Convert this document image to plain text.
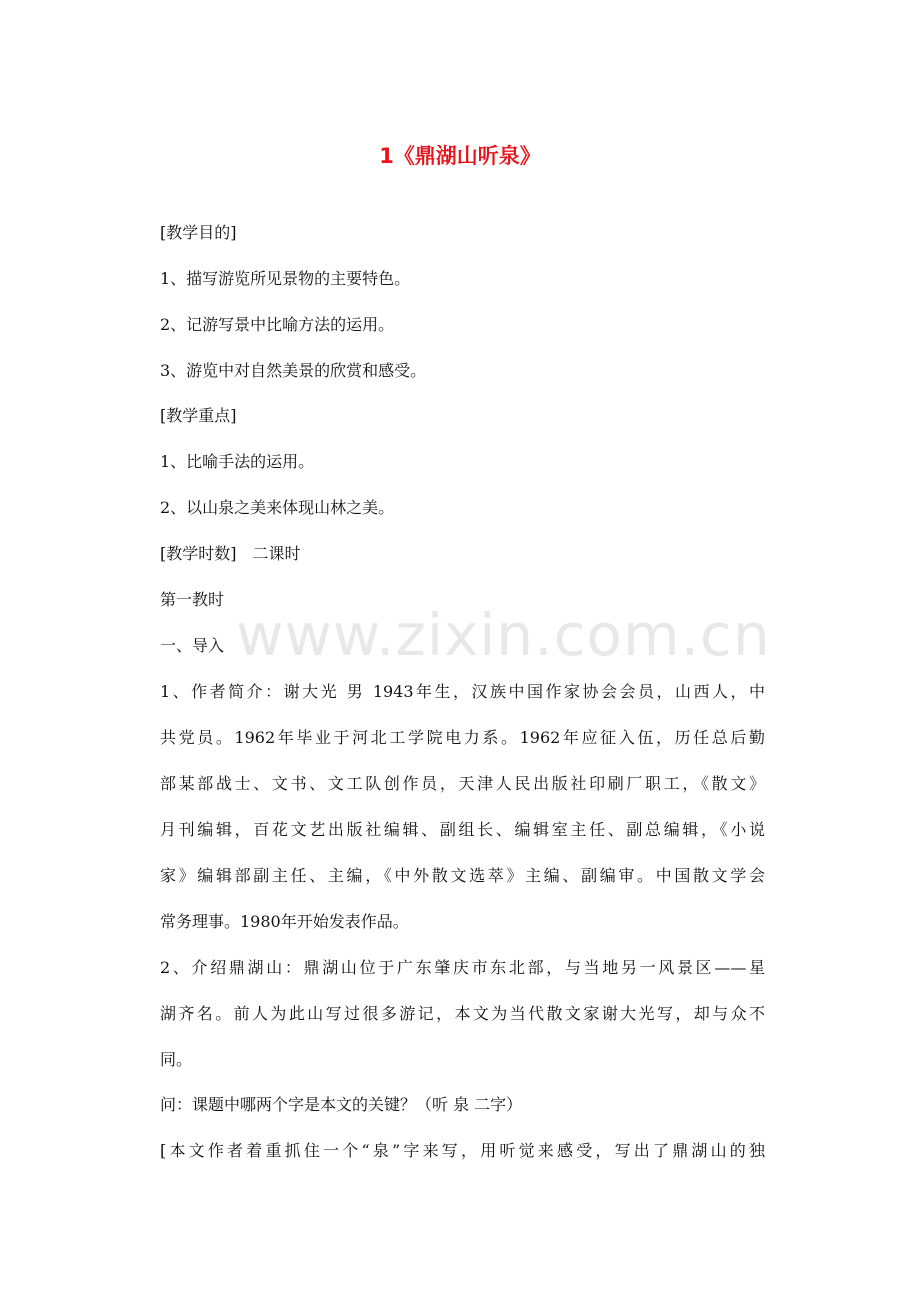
1《鼎湖山听泉》
www.zixin.com.cn
[教学目的]
1、描写游览所见景物的主要特色。
2、记游写景中比喻方法的运用。
3、游览中对自然美景的欣赏和感受。
[教学重点]
1、比喻手法的运用。
2、以山泉之美来体现山林之美。
[教学时数]　二课时
第一教时
一、导入
1、作者简介：谢大光 男 1943年生，汉族中国作家协会会员，山西人，中
共党员。1962年毕业于河北工学院电力系。1962年应征入伍，历任总后勤
部某部战士、文书、文工队创作员，天津人民出版社印刷厂职工，《散文》
月刊编辑，百花文艺出版社编辑、副组长、编辑室主任、副总编辑，《小说
家》编辑部副主任、主编，《中外散文选萃》主编、副编审。中国散文学会
常务理事。1980年开始发表作品。
2、介绍鼎湖山：鼎湖山位于广东肇庆市东北部，与当地另一风景区——星
湖齐名。前人为此山写过很多游记，本文为当代散文家谢大光写，却与众不
同。
问：课题中哪两个字是本文的关键？（听 泉 二字）
[本文作者着重抓住一个“泉”字来写，用听觉来感受，写出了鼎湖山的独
